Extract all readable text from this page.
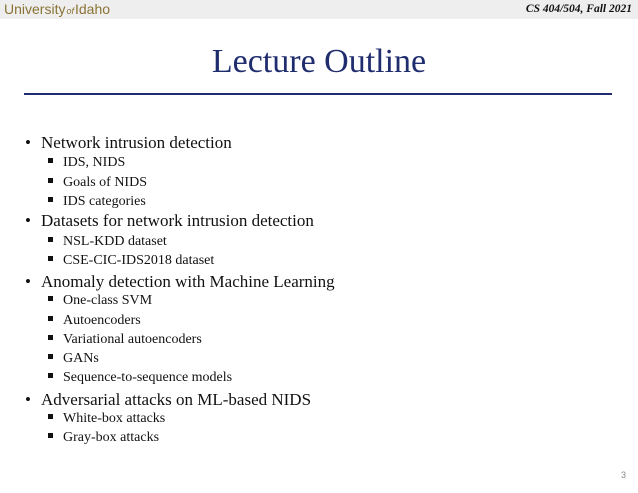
UniversityofIdaho	CS 404/504, Fall 2021
Lecture Outline
• Network intrusion detection
IDS, NIDS
Goals of NIDS
IDS categories
• Datasets for network intrusion detection
NSL-KDD dataset
CSE-CIC-IDS2018 dataset
• Anomaly detection with Machine Learning
One-class SVM
Autoencoders
Variational autoencoders
GANs
Sequence-to-sequence models
• Adversarial attacks on ML-based NIDS
White-box attacks
Gray-box attacks
3
